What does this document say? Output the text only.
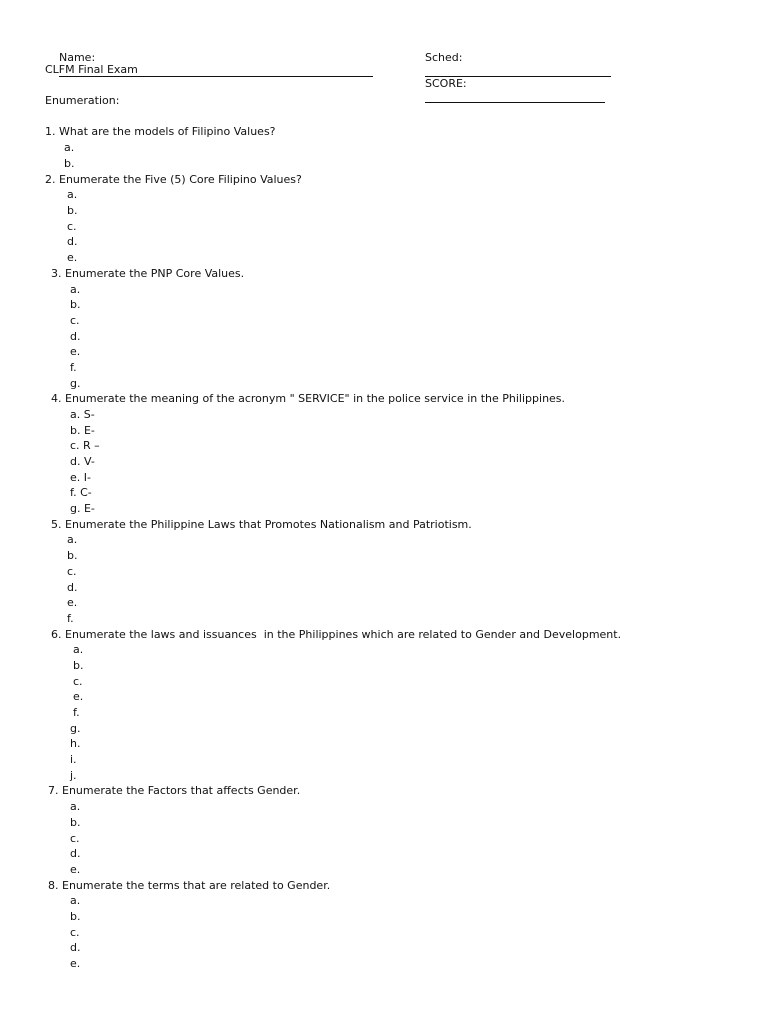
Name:

	Sched:

CLFM Final Exam

SCORE:

Enumeration:
1. What are the models of Filipino Values?
a.
b.
2. Enumerate the Five (5) Core Filipino Values?
a.
b.
c.
d.
e.
3. Enumerate the PNP Core Values.
a.
b.
c.
d.
e.
f.
g.
4. Enumerate the meaning of the acronym " SERVICE" in the police service in the Philippines.
a. S-
b. E-
c. R –
d. V-
e. I-
f. C-
g. E-
5. Enumerate the Philippine Laws that Promotes Nationalism and Patriotism.
a.
b.
c.
d.
e.
f.
6. Enumerate the laws and issuances  in the Philippines which are related to Gender and Development.
a.
b.
c.
e.
f.
g.
h.
i.
j.
7. Enumerate the Factors that affects Gender.
a.
b.
c.
d.
e.
8. Enumerate the terms that are related to Gender.
a.
b.
c.
d.
e.
